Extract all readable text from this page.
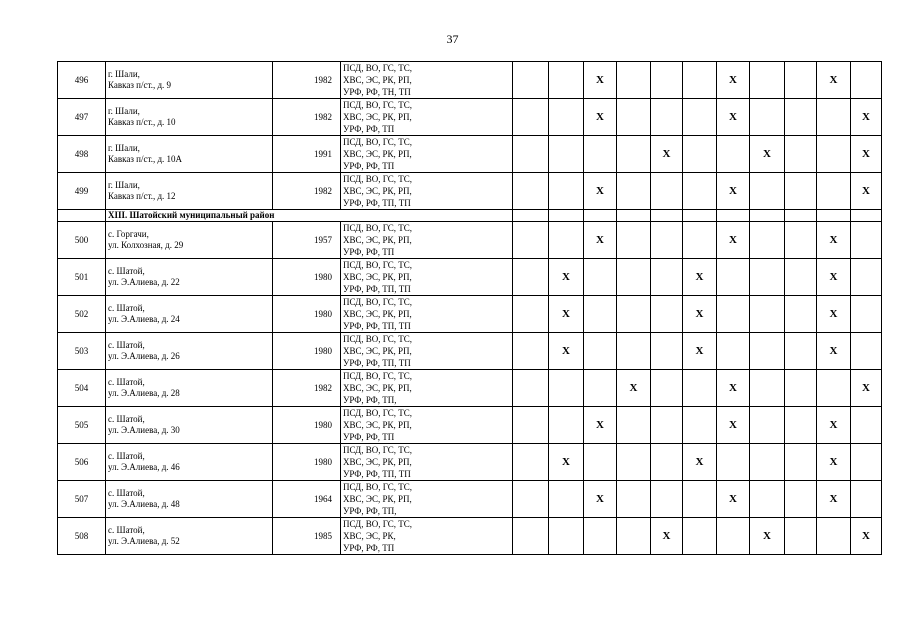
37
496	г. Шали,
Кавказ п/ст., д. 9	1982	ПСД, ВО, ГС, ТС,
ХВС, ЭС, РК, РП,
УРФ, РФ, ТН, ТП			X				X			X	
497	г. Шали,
Кавказ п/ст., д. 10	1982	ПСД, ВО, ГС, ТС,
ХВС, ЭС, РК, РП,
УРФ, РФ, ТП			X				X				X
498	г. Шали,
Кавказ п/ст., д. 10А	1991	ПСД, ВО, ГС, ТС,
ХВС, ЭС, РК, РП,
УРФ, РФ, ТП					X			X			X
499	г. Шали,
Кавказ п/ст., д. 12	1982	ПСД, ВО, ГС, ТС,
ХВС, ЭС, РК, РП,
УРФ, РФ, ТП, ТП			X				X				X
	XIII. Шатойский муниципальный район													
500	с. Горгачи,
ул. Колхозная, д. 29	1957	ПСД, ВО, ГС, ТС,
ХВС, ЭС, РК, РП,
УРФ, РФ, ТП			X				X			X	
501	с. Шатой,
ул. Э.Алиева, д. 22	1980	ПСД, ВО, ГС, ТС,
ХВС, ЭС, РК, РП,
УРФ, РФ, ТП, ТП		X				X				X	
502	с. Шатой,
ул. Э.Алиева, д. 24	1980	ПСД, ВО, ГС, ТС,
ХВС, ЭС, РК, РП,
УРФ, РФ, ТП, ТП		X				X				X	
503	с. Шатой,
ул. Э.Алиева, д. 26	1980	ПСД, ВО, ГС, ТС,
ХВС, ЭС, РК, РП,
УРФ, РФ, ТП, ТП		X				X				X	
504	с. Шатой,
ул. Э.Алиева, д. 28	1982	ПСД, ВО, ГС, ТС,
ХВС, ЭС, РК, РП,
УРФ, РФ, ТП,				X			X				X
505	с. Шатой,
ул. Э.Алиева, д. 30	1980	ПСД, ВО, ГС, ТС,
ХВС, ЭС, РК, РП,
УРФ, РФ, ТП			X				X			X	
506	с. Шатой,
ул. Э.Алиева, д. 46	1980	ПСД, ВО, ГС, ТС,
ХВС, ЭС, РК, РП,
УРФ, РФ, ТП, ТП		X				X				X	
507	с. Шатой,
ул. Э.Алиева, д. 48	1964	ПСД, ВО, ГС, ТС,
ХВС, ЭС, РК, РП,
УРФ, РФ, ТП,			X				X			X	
508	с. Шатой,
ул. Э.Алиева, д. 52	1985	ПСД, ВО, ГС, ТС,
ХВС, ЭС, РК,
УРФ, РФ, ТП					X			X			X
